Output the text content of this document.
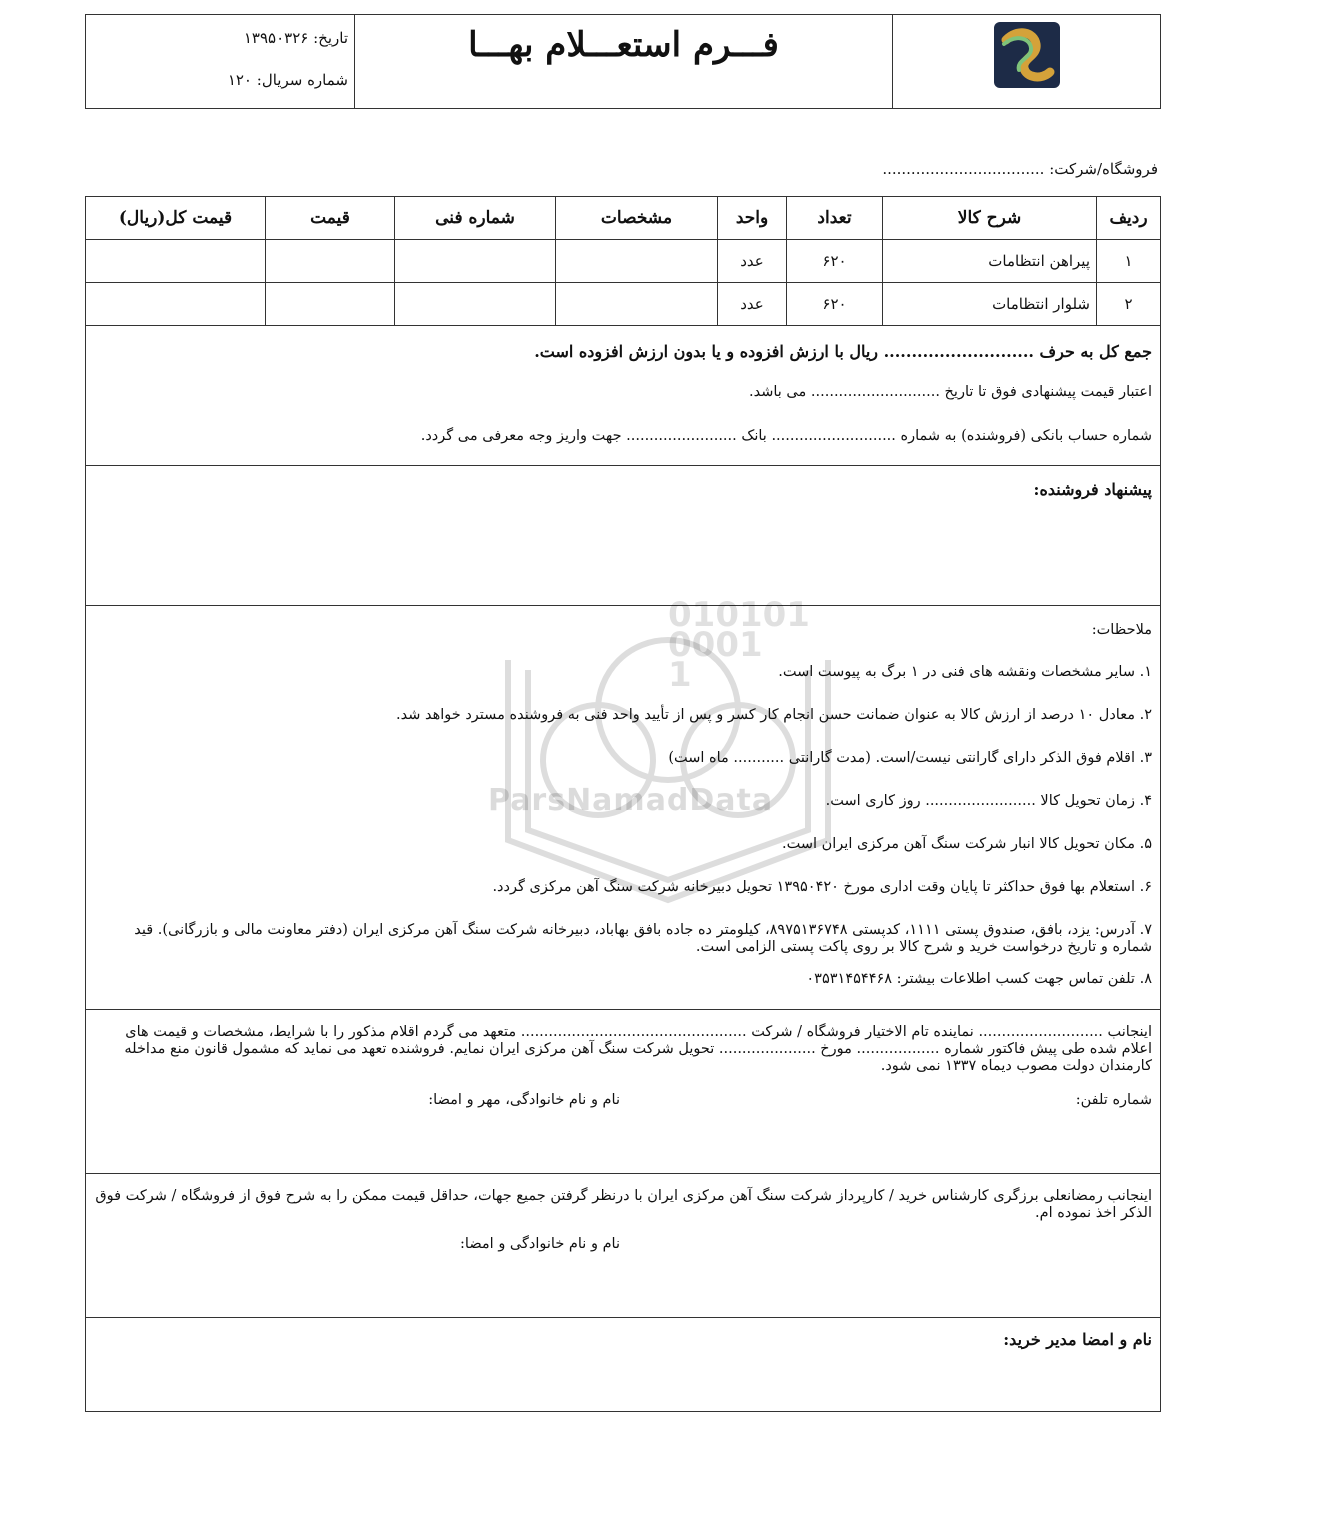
فـــرم استعـــلام بهـــا
تاریخ: ۱۳۹۵۰۳۲۶
شماره سریال: ۱۲۰
فروشگاه/شرکت: ..................................
ردیف	شرح کالا	تعداد	واحد	مشخصات	شماره فنی	قیمت	قیمت کل(ریال)
۱	پیراهن انتظامات	۶۲۰	عدد				
۲	شلوار انتظامات	۶۲۰	عدد				
جمع کل به حرف ........................... ریال با ارزش افزوده و یا بدون ارزش افزوده است.
اعتبار قیمت پیشنهادی فوق تا تاریخ ............................ می باشد.
شماره حساب بانکی (فروشنده) به شماره ........................... بانک ........................ جهت واریز وجه معرفی می گردد.
پیشنهاد فروشنده:
010101
0001
1
ParsNamadData
ملاحظات:
۱. سایر مشخصات ونقشه های فنی در ۱ برگ به پیوست است.
۲. معادل ۱۰ درصد از ارزش کالا به عنوان ضمانت حسن انجام کار کسر و پس از تأیید واحد فنی به فروشنده مسترد خواهد شد.
۳. اقلام فوق الذکر دارای گارانتی نیست/است. (مدت گارانتی ........... ماه است)
۴. زمان تحویل کالا ........................ روز کاری است.
۵. مکان تحویل کالا انبار شرکت سنگ آهن مرکزی ایران است.
۶. استعلام بها فوق حداکثر تا پایان وقت اداری مورخ ۱۳۹۵۰۴۲۰ تحویل دبیرخانه شرکت سنگ آهن مرکزی گردد.
۷. آدرس: یزد، بافق، صندوق پستی ۱۱۱۱، کدپستی ۸۹۷۵۱۳۶۷۴۸، کیلومتر ده جاده بافق بهاباد، دبیرخانه شرکت سنگ آهن مرکزی ایران (دفتر معاونت مالی و بازرگانی). قید شماره و تاریخ درخواست خرید و شرح کالا بر روی پاکت پستی الزامی است.
۸. تلفن تماس جهت کسب اطلاعات بیشتر: ۰۳۵۳۱۴۵۴۴۶۸
اینجانب ........................... نماینده تام الاختیار فروشگاه / شرکت ................................................. متعهد می گردم اقلام مذکور را با شرایط، مشخصات و قیمت های اعلام شده طی پیش فاکتور شماره .................. مورخ ..................... تحویل شرکت سنگ آهن مرکزی ایران نمایم. فروشنده تعهد می نماید که مشمول قانون منع مداخله کارمندان دولت مصوب دیماه ۱۳۳۷ نمی شود.
شماره تلفن:
نام و نام خانوادگی، مهر و امضا:
اینجانب رمضانعلی برزگری کارشناس خرید / کارپرداز شرکت سنگ آهن مرکزی ایران با درنظر گرفتن جمیع جهات، حداقل قیمت ممکن را به شرح فوق از فروشگاه / شرکت فوق الذکر اخذ نموده ام.
نام و نام خانوادگی و امضا:
نام و امضا مدیر خرید:
